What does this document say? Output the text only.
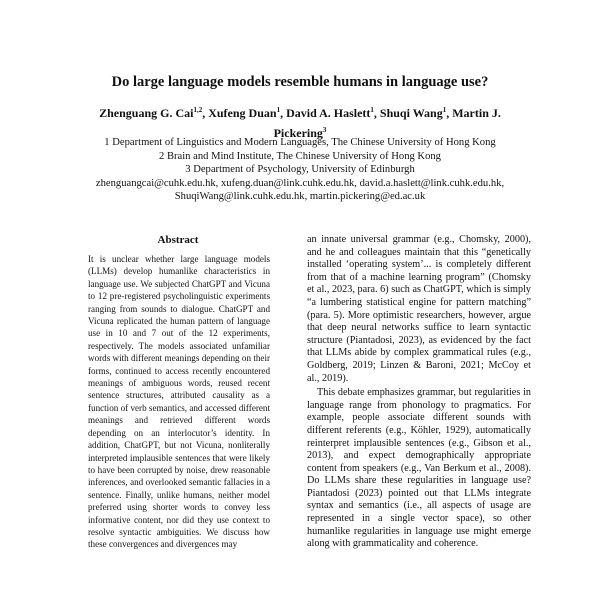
Do large language models resemble humans in language use?
Zhenguang G. Cai$^{1,2}$, Xufeng Duan$^1$, David A. Haslett$^1$, Shuqi Wang$^1$, Martin J. Pickering$^3$
1 Department of Linguistics and Modern Languages, The Chinese University of Hong Kong
2 Brain and Mind Institute, The Chinese University of Hong Kong
3 Department of Psychology, University of Edinburgh
zhenguangcai@cuhk.edu.hk, xufeng.duan@link.cuhk.edu.hk, david.a.haslett@link.cuhk.edu.hk,
ShuqiWang@link.cuhk.edu.hk, martin.pickering@ed.ac.uk
Abstract
It is unclear whether large language models (LLMs) develop humanlike characteristics in language use. We subjected ChatGPT and Vicuna to 12 pre-registered psycholinguistic experiments ranging from sounds to dialogue. ChatGPT and Vicuna replicated the human pattern of language use in 10 and 7 out of the 12 experiments, respectively. The models associated unfamiliar words with different meanings depending on their forms, continued to access recently encountered meanings of ambiguous words, reused recent sentence structures, attributed causality as a function of verb semantics, and accessed different meanings and retrieved different words depending on an interlocutor’s identity. In addition, ChatGPT, but not Vicuna, nonliterally interpreted implausible sentences that were likely to have been corrupted by noise, drew reasonable inferences, and overlooked semantic fallacies in a sentence. Finally, unlike humans, neither model preferred using shorter words to convey less informative content, nor did they use context to resolve syntactic ambiguities. We discuss how these convergences and divergences may

an innate universal grammar (e.g., Chomsky, 2000), and he and colleagues maintain that this “genetically installed ‘operating system’... is completely different from that of a machine learning program” (Chomsky et al., 2023, para. 6) such as ChatGPT, which is simply “a lumbering statistical engine for pattern matching” (para. 5). More optimistic researchers, however, argue that deep neural networks suffice to learn syntactic structure (Piantadosi, 2023), as evidenced by the fact that LLMs abide by complex grammatical rules (e.g., Goldberg, 2019; Linzen & Baroni, 2021; McCoy et al., 2019).

This debate emphasizes grammar, but regularities in language range from phonology to pragmatics. For example, people associate different sounds with different referents (e.g., Köhler, 1929), automatically reinterpret implausible sentences (e.g., Gibson et al., 2013), and expect demographically appropriate content from speakers (e.g., Van Berkum et al., 2008). Do LLMs share these regularities in language use? Piantadosi (2023) pointed out that LLMs integrate syntax and semantics (i.e., all aspects of usage are represented in a single vector space), so other humanlike regularities in language use might emerge along with grammaticality and coherence.
